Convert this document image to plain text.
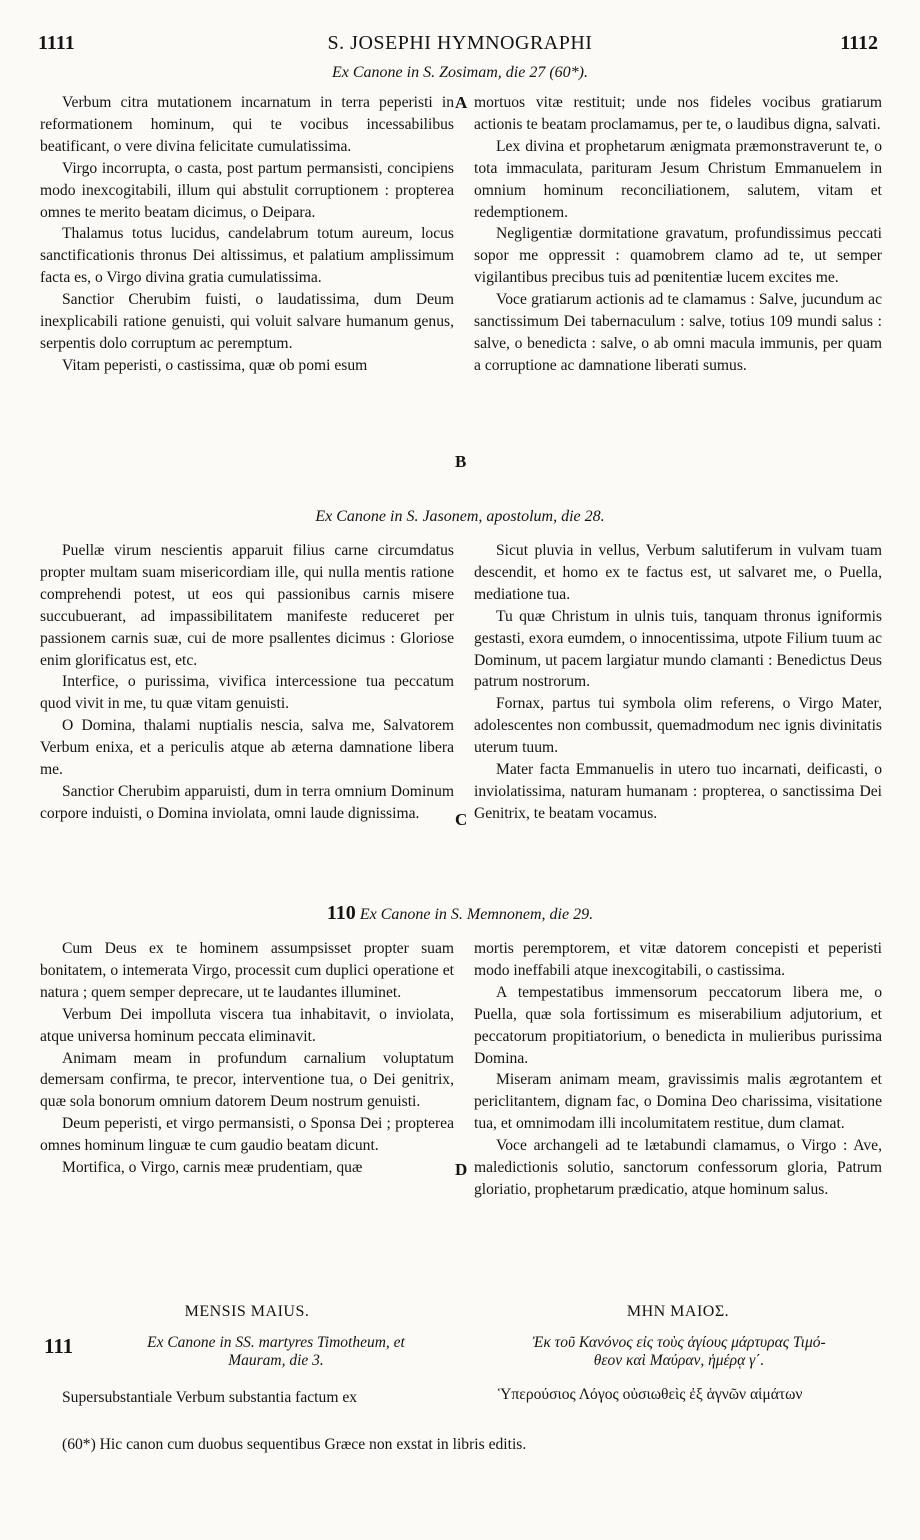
1111	S. JOSEPHI HYMNOGRAPHI	1112
Ex Canone in S. Zosimam, die 27 (60*).

Verbum citra mutationem incarnatum in terra peperisti in reformationem hominum, qui te vocibus incessabilibus beatificant, o vere divina felicitate cumulatissima.

Virgo incorrupta, o casta, post partum permansisti, concipiens modo inexcogitabili, illum qui abstulit corruptionem : propterea omnes te merito beatam dicimus, o Deipara.

Thalamus totus lucidus, candelabrum totum aureum, locus sanctificationis thronus Dei altissimus, et palatium amplissimum facta es, o Virgo divina gratia cumulatissima.

Sanctior Cherubim fuisti, o laudatissima, dum Deum inexplicabili ratione genuisti, qui voluit salvare humanum genus, serpentis dolo corruptum ac peremptum.

Vitam peperisti, o castissima, quæ ob pomi esum

mortuos vitæ restituit; unde nos fideles vocibus gratiarum actionis te beatam proclamamus, per te, o laudibus digna, salvati.

Lex divina et prophetarum ænigmata præmonstraverunt te, o tota immaculata, parituram Jesum Christum Emmanuelem in omnium hominum reconciliationem, salutem, vitam et redemptionem.

Negligentiæ dormitatione gravatum, profundissimus peccati sopor me oppressit : quamobrem clamo ad te, ut semper vigilantibus precibus tuis ad pœnitentiæ lucem excites me.

Voce gratiarum actionis ad te clamamus : Salve, jucundum ac sanctissimum Dei tabernaculum : salve, totius 109 mundi salus : salve, o benedicta : salve, o ab omni macula immunis, per quam a corruptione ac damnatione liberati sumus.

A
B
Ex Canone in S. Jasonem, apostolum, die 28.

Puellæ virum nescientis apparuit filius carne circumdatus propter multam suam misericordiam ille, qui nulla mentis ratione comprehendi potest, ut eos qui passionibus carnis misere succubuerant, ad impassibilitatem manifeste reduceret per passionem carnis suæ, cui de more psallentes dicimus : Gloriose enim glorificatus est, etc.

Interfice, o purissima, vivifica intercessione tua peccatum quod vivit in me, tu quæ vitam genuisti.

O Domina, thalami nuptialis nescia, salva me, Salvatorem Verbum enixa, et a periculis atque ab æterna damnatione libera me.

Sanctior Cherubim apparuisti, dum in terra omnium Dominum corpore induisti, o Domina inviolata, omni laude dignissima.

Sicut pluvia in vellus, Verbum salutiferum in vulvam tuam descendit, et homo ex te factus est, ut salvaret me, o Puella, mediatione tua.

Tu quæ Christum in ulnis tuis, tanquam thronus igniformis gestasti, exora eumdem, o innocentissima, utpote Filium tuum ac Dominum, ut pacem largiatur mundo clamanti : Benedictus Deus patrum nostrorum.

Fornax, partus tui symbola olim referens, o Virgo Mater, adolescentes non combussit, quemadmodum nec ignis divinitatis uterum tuum.

Mater facta Emmanuelis in utero tuo incarnati, deificasti, o inviolatissima, naturam humanam : propterea, o sanctissima Dei Genitrix, te beatam vocamus.

C
110 Ex Canone in S. Memnonem, die 29.

Cum Deus ex te hominem assumpsisset propter suam bonitatem, o intemerata Virgo, processit cum duplici operatione et natura ; quem semper deprecare, ut te laudantes illuminet.

Verbum Dei impolluta viscera tua inhabitavit, o inviolata, atque universa hominum peccata eliminavit.

Animam meam in profundum carnalium voluptatum demersam confirma, te precor, interventione tua, o Dei genitrix, quæ sola bonorum omnium datorem Deum nostrum genuisti.

Deum peperisti, et virgo permansisti, o Sponsa Dei ; propterea omnes hominum linguæ te cum gaudio beatam dicunt.

Mortifica, o Virgo, carnis meæ prudentiam, quæ

mortis peremptorem, et vitæ datorem concepisti et peperisti modo ineffabili atque inexcogitabili, o castissima.

A tempestatibus immensorum peccatorum libera me, o Puella, quæ sola fortissimum es miserabilium adjutorium, et peccatorum propitiatorium, o benedicta in mulieribus purissima Domina.

Miseram animam meam, gravissimis malis ægrotantem et periclitantem, dignam fac, o Domina Deo charissima, visitatione tua, et omnimodam illi incolumitatem restitue, dum clamat.

Voce archangeli ad te lætabundi clamamus, o Virgo : Ave, maledictionis solutio, sanctorum confessorum gloria, Patrum gloriatio, prophetarum prædicatio, atque hominum salus.

D
MENSIS MAIUS.	ΜΗΝ ΜΑΙΟΣ.
111	Ex Canone in SS. martyres Timotheum, et
Mauram, die 3.
Ἐκ τοῦ Κανόνος εἰς τοὺς ἁγίους μάρτυρας Τιμό-
θεον καὶ Μαύραν, ἡμέρᾳ γ΄.
Supersubstantiale Verbum substantia factum ex	Ὑπερούσιος Λόγος οὐσιωθεὶς ἐξ ἁγνῶν αἱμάτων
(60*) Hic canon cum duobus sequentibus Græce non exstat in libris editis.
